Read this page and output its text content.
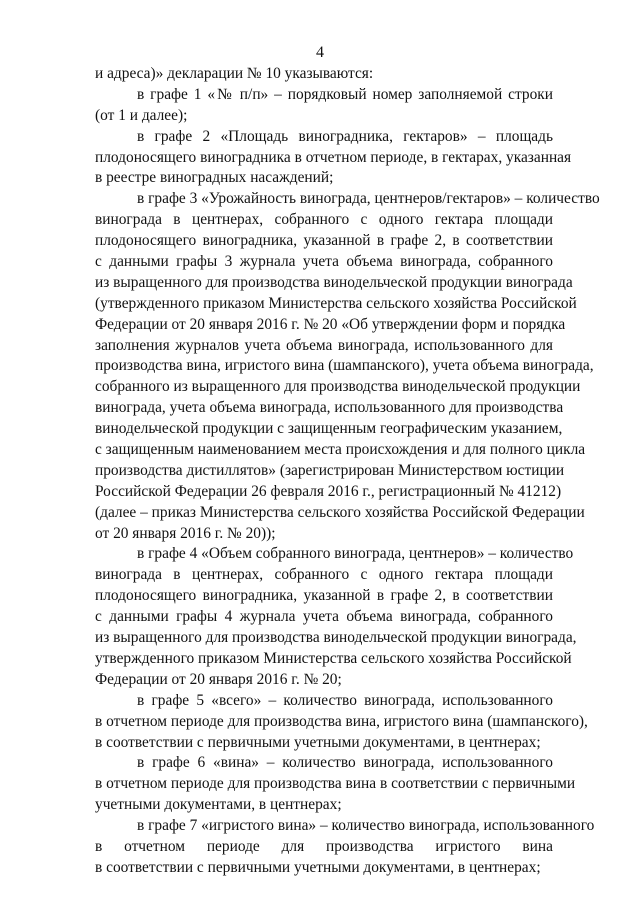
4
и адреса)» декларации № 10 указываются:
в графе 1 «№ п/п» – порядковый номер заполняемой строки
(от 1 и далее);
в графе 2 «Площадь виноградника, гектаров» – площадь
плодоносящего виноградника в отчетном периоде, в гектарах, указанная
в реестре виноградных насаждений;
в графе 3 «Урожайность винограда, центнеров/гектаров» – количество
винограда в центнерах, собранного с одного гектара площади
плодоносящего виноградника, указанной в графе 2, в соответствии
с данными графы 3 журнала учета объема винограда, собранного
из выращенного для производства винодельческой продукции винограда
(утвержденного приказом Министерства сельского хозяйства Российской
Федерации от 20 января 2016 г. № 20 «Об утверждении форм и порядка
заполнения журналов учета объема винограда, использованного для
производства вина, игристого вина (шампанского), учета объема винограда,
собранного из выращенного для производства винодельческой продукции
винограда, учета объема винограда, использованного для производства
винодельческой продукции с защищенным географическим указанием,
с защищенным наименованием места происхождения и для полного цикла
производства дистиллятов» (зарегистрирован Министерством юстиции
Российской Федерации 26 февраля 2016 г., регистрационный № 41212)
(далее – приказ Министерства сельского хозяйства Российской Федерации
от 20 января 2016 г. № 20));
в графе 4 «Объем собранного винограда, центнеров» – количество
винограда в центнерах, собранного с одного гектара площади
плодоносящего виноградника, указанной в графе 2, в соответствии
с данными графы 4 журнала учета объема винограда, собранного
из выращенного для производства винодельческой продукции винограда,
утвержденного приказом Министерства сельского хозяйства Российской
Федерации от 20 января 2016 г. № 20;
в графе 5 «всего» – количество винограда, использованного
в отчетном периоде для производства вина, игристого вина (шампанского),
в соответствии с первичными учетными документами, в центнерах;
в графе 6 «вина» – количество винограда, использованного
в отчетном периоде для производства вина в соответствии с первичными
учетными документами, в центнерах;
в графе 7 «игристого вина» – количество винограда, использованного
в отчетном периоде для производства игристого вина
в соответствии с первичными учетными документами, в центнерах;
